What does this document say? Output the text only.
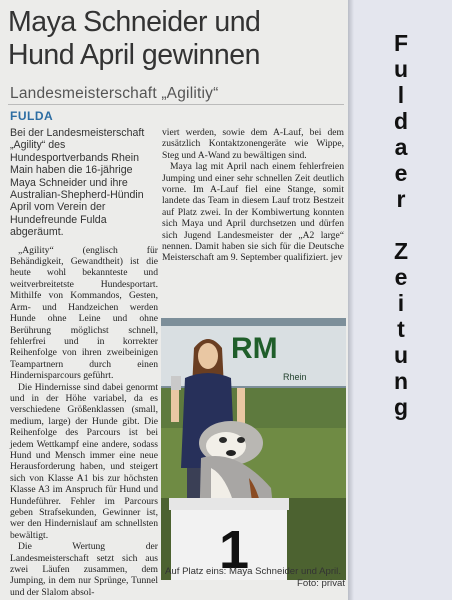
Maya Schneider und
Hund April gewinnen
Landesmeisterschaft „Agilitiy“
FULDA

Bei der Landesmeisterschaft „Agility“ des Hundesportverbands Rhein Main haben die 16-jährige Maya Schneider und ihre Australian-Shepherd-Hündin April vom Verein der Hundefreunde Fulda abgeräumt.

„Agility“ (englisch für Behändigkeit, Gewandtheit) ist die heute wohl bekannteste und weitverbreitetste Hundesportart. Mithilfe von Kommandos, Gesten, Arm- und Handzeichen werden Hunde ohne Leine und ohne Berührung möglichst schnell, fehlerfrei und in korrekter Reihenfolge von ihren zweibeinigen Teampartnern durch einen Hindernisparcours geführt.

Die Hindernisse sind dabei genormt und in der Höhe variabel, da es verschiedene Größenklassen (small, medium, large) der Hunde gibt. Die Reihenfolge des Parcours ist bei jedem Wettkampf eine andere, sodass Hund und Mensch immer eine neue Herausforderung haben, und steigert sich von Klasse A1 bis zur höchsten Klasse A3 im Anspruch für Hund und Hundeführer. Fehler im Parcours geben Strafsekunden, Gewinner ist, wer den Hindernislauf am schnellsten bewältigt.

Die Wertung der Landesmeisterschaft setzt sich aus zwei Läufen zusammen, dem Jumping, in dem nur Sprünge, Tunnel und der Slalom absol-

viert werden, sowie dem A-Lauf, bei dem zusätzlich Kontaktzonengeräte wie Wippe, Steg und A-Wand zu bewältigen sind.

Maya lag mit April nach einem fehlerfreien Jumping und einer sehr schnellen Zeit deutlich vorne. Im A-Lauf fiel eine Stange, somit landete das Team in diesem Lauf trotz Bestzeit auf Platz zwei. In der Kombiwertung konnten sich Maya und April durchsetzen und dürfen sich Jugend Landesmeister der „A2 large“ nennen. Damit haben sie sich für die Deutsche Meisterschaft am 9. September qualifiziert. jev

RM
Rhein
1
Auf Platz eins: Maya Schneider und April.
Foto: privat
F
u
l
d
a
e
r
Z
e
i
t
u
n
g
